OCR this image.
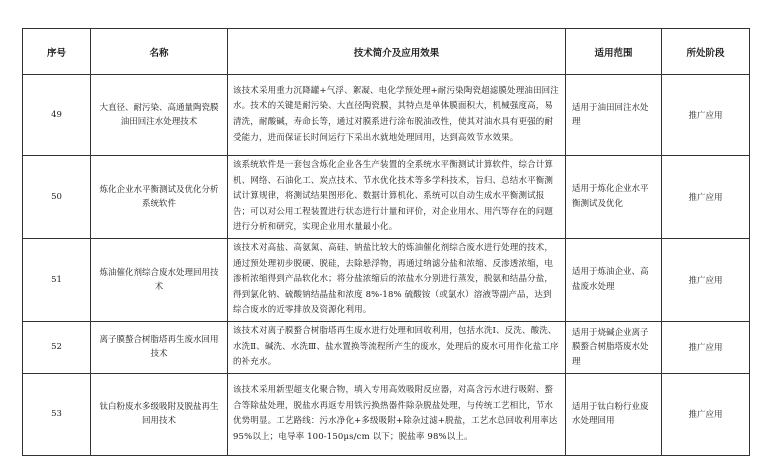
序号	名称	技术简介及应用效果	适用范围	所处阶段
49	大直径、耐污染、高通量陶瓷膜油田回注水处理技术	该技术采用重力沉降罐+气浮、絮凝、电化学预处理+耐污染陶瓷超滤膜处理油田回注水。技术的关键是耐污染、大直径陶瓷膜，其特点是单体膜面积大，机械强度高，易清洗，耐酸碱，寿命长等，通过对膜系进行涂布脱油改性，使其对油水具有更强的耐受能力，进而保证长时间运行下采出水就地处理回用，达到高效节水效果。	适用于油田回注水处理	推广应用
50	炼化企业水平衡测试及优化分析系统软件	该系统软件是一套包含炼化企业各生产装置的全系统水平衡测试计算软件，综合计算机、网络、石油化工、炭点技术、节水优化技术等多学科技术，旨归、总结水平衡测试计算规律，将测试结果图形化、数据计算机化、系统可以自动生成水平衡测试报告；可以对公用工程装置进行状态进行计量和评价，对企业用水、用汽等存在的问题进行分析和研究，实现企业用水量最小化。	适用于炼化企业水平衡测试及优化	推广应用
51	炼油催化剂综合废水处理回用技术	该技术对高盐、高氨氮、高硅、钠盐比较大的炼油催化剂综合废水进行处理的技术，通过预处理初步脱硬、脱硅，去除悬浮物，再通过纳滤分盐和浓缩、反渗透浓缩，电渗析浓缩得到产品软化水；将分盐浓缩后的浓盐水分别进行蒸发，脱氨和结晶分盐，得到氯化钠、硫酸钠结晶盐和浓度 8%-18% 硫酸铵（或氯水）溶液等副产品，达到综合废水的近零排放及资源化利用。	适用于炼油企业、高盐废水处理	推广应用
52	离子膜螯合树脂塔再生废水回用技术	该技术对离子膜螯合树脂塔再生废水进行处理和回收利用，包括水洗Ⅰ、反洗、酸洗、水洗Ⅱ、碱洗、水洗Ⅲ、盐水置换等流程所产生的废水，处理后的废水可用作化盐工序的补充水。	适用于烧碱企业离子膜螯合树脂塔废水处理	推广应用
53	钛白粉废水多级吸附及脱盐再生回用技术	该技术采用新型超支化聚合物，填入专用高效吸附反应器，对高含污水进行吸附、螯合等除盐处理，脱盐水再返专用铁污换热器件除杂脱盐处理，与传统工艺相比，节水优势明显。工艺路线：污水净化+多级吸附+除杂过滤+脱盐，工艺水总回收利用率达 95%以上；电导率 100-150μs/cm 以下；脱盐率 98%以上。	适用于钛白粉行业废水处理回用	推广应用
